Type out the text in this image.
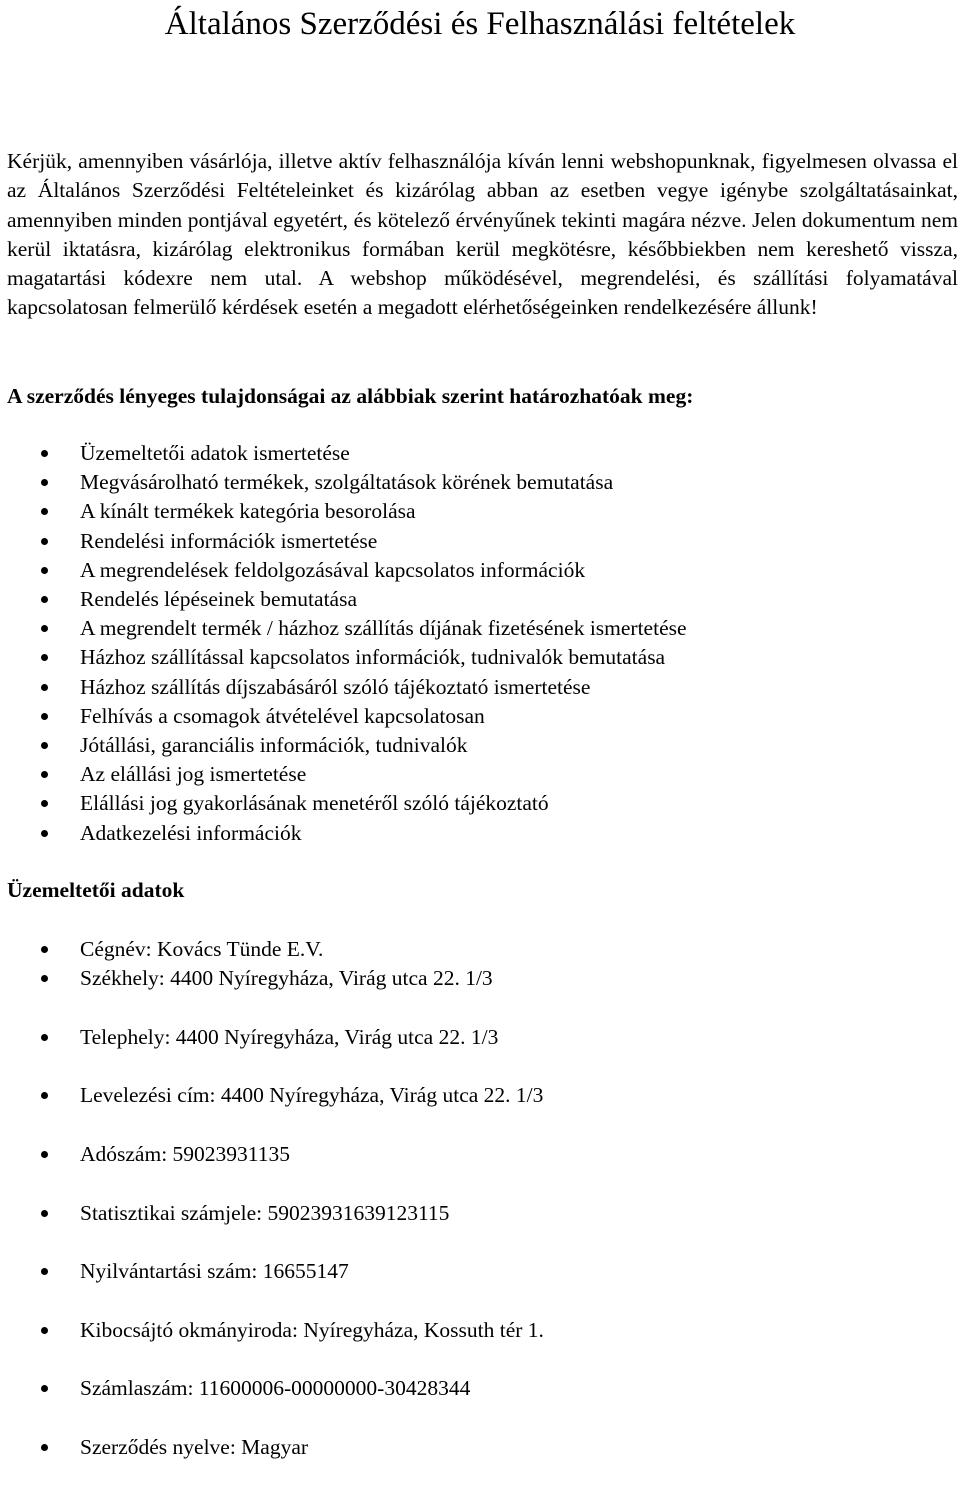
Általános Szerződési és Felhasználási feltételek

Kérjük, amennyiben vásárlója, illetve aktív felhasználója kíván lenni webshopunknak, figyelmesen olvassa el az Általános Szerződési Feltételeinket és kizárólag abban az esetben vegye igénybe szolgáltatásainkat, amennyiben minden pontjával egyetért, és kötelező érvényűnek tekinti magára nézve. Jelen dokumentum nem kerül iktatásra, kizárólag elektronikus formában kerül megkötésre, későbbiekben nem kereshető vissza, magatartási kódexre nem utal. A webshop működésével, megrendelési, és szállítási folyamatával kapcsolatosan felmerülő kérdések esetén a megadott elérhetőségeinken rendelkezésére állunk!

A szerződés lényeges tulajdonságai az alábbiak szerint határozhatóak meg:
Üzemeltetői adatok ismertetése
Megvásárolható termékek, szolgáltatások körének bemutatása
A kínált termékek kategória besorolása
Rendelési információk ismertetése
A megrendelések feldolgozásával kapcsolatos információk
Rendelés lépéseinek bemutatása
A megrendelt termék / házhoz szállítás díjának fizetésének ismertetése
Házhoz szállítással kapcsolatos információk, tudnivalók bemutatása
Házhoz szállítás díjszabásáról szóló tájékoztató ismertetése
Felhívás a csomagok átvételével kapcsolatosan
Jótállási, garanciális információk, tudnivalók
Az elállási jog ismertetése
Elállási jog gyakorlásának menetéről szóló tájékoztató
Adatkezelési információk
Üzemeltetői adatok
Cégnév: Kovács Tünde E.V.
Székhely: 4400 Nyíregyháza, Virág utca 22. 1/3
Telephely: 4400 Nyíregyháza, Virág utca 22. 1/3
Levelezési cím: 4400 Nyíregyháza, Virág utca 22. 1/3
Adószám: 59023931135
Statisztikai számjele: 59023931639123115
Nyilvántartási szám: 16655147
Kibocsájtó okmányiroda: Nyíregyháza, Kossuth tér 1.
Számlaszám: 11600006-00000000-30428344
Szerződés nyelve: Magyar
